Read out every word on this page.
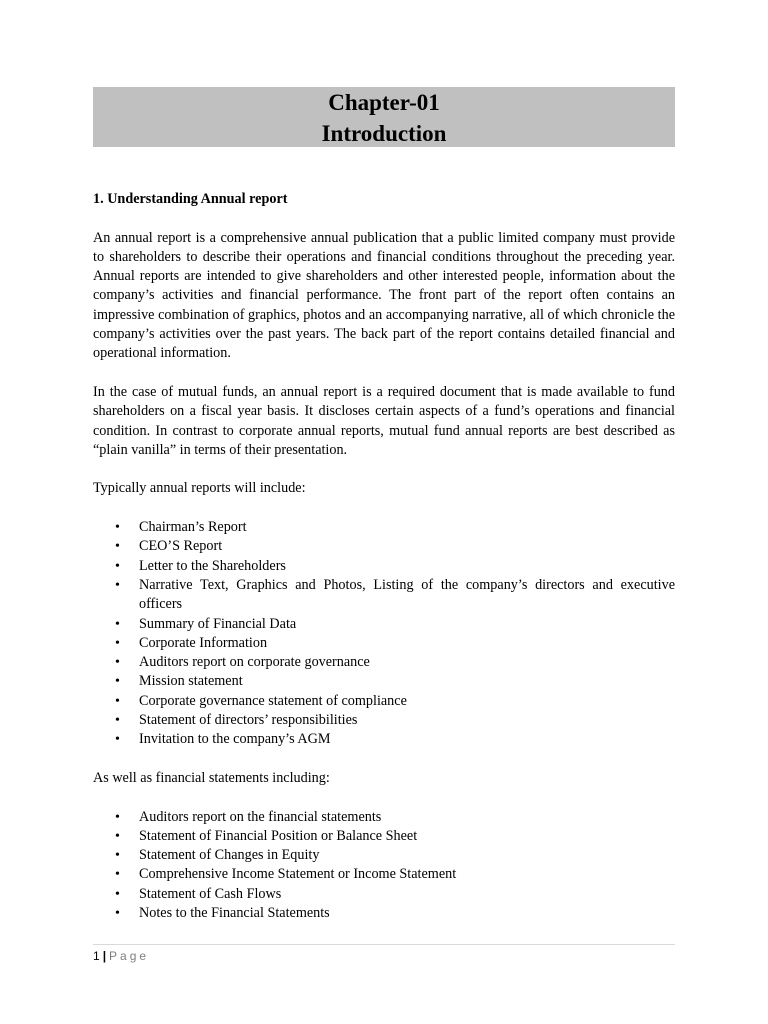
Chapter-01
Introduction
1. Understanding Annual report

An annual report is a comprehensive annual publication that a public limited company must provide to shareholders to describe their operations and financial conditions throughout the preceding year. Annual reports are intended to give shareholders and other interested people, information about the company’s activities and financial performance. The front part of the report often contains an impressive combination of graphics, photos and an accompanying narrative, all of which chronicle the company’s activities over the past years. The back part of the report contains detailed financial and operational information.

In the case of mutual funds, an annual report is a required document that is made available to fund shareholders on a fiscal year basis. It discloses certain aspects of a fund’s operations and financial condition. In contrast to corporate annual reports, mutual fund annual reports are best described as “plain vanilla” in terms of their presentation.

Typically annual reports will include:

• Chairman’s Report
• CEO’S Report
• Letter to the Shareholders
• Narrative Text, Graphics and Photos, Listing of the company’s directors and executive officers
• Summary of Financial Data
• Corporate Information
• Auditors report on corporate governance
• Mission statement
• Corporate governance statement of compliance
• Statement of directors’ responsibilities
• Invitation to the company’s AGM

As well as financial statements including:

• Auditors report on the financial statements
• Statement of Financial Position or Balance Sheet
• Statement of Changes in Equity
• Comprehensive Income Statement or Income Statement
• Statement of Cash Flows
• Notes to the Financial Statements
1 | Page
